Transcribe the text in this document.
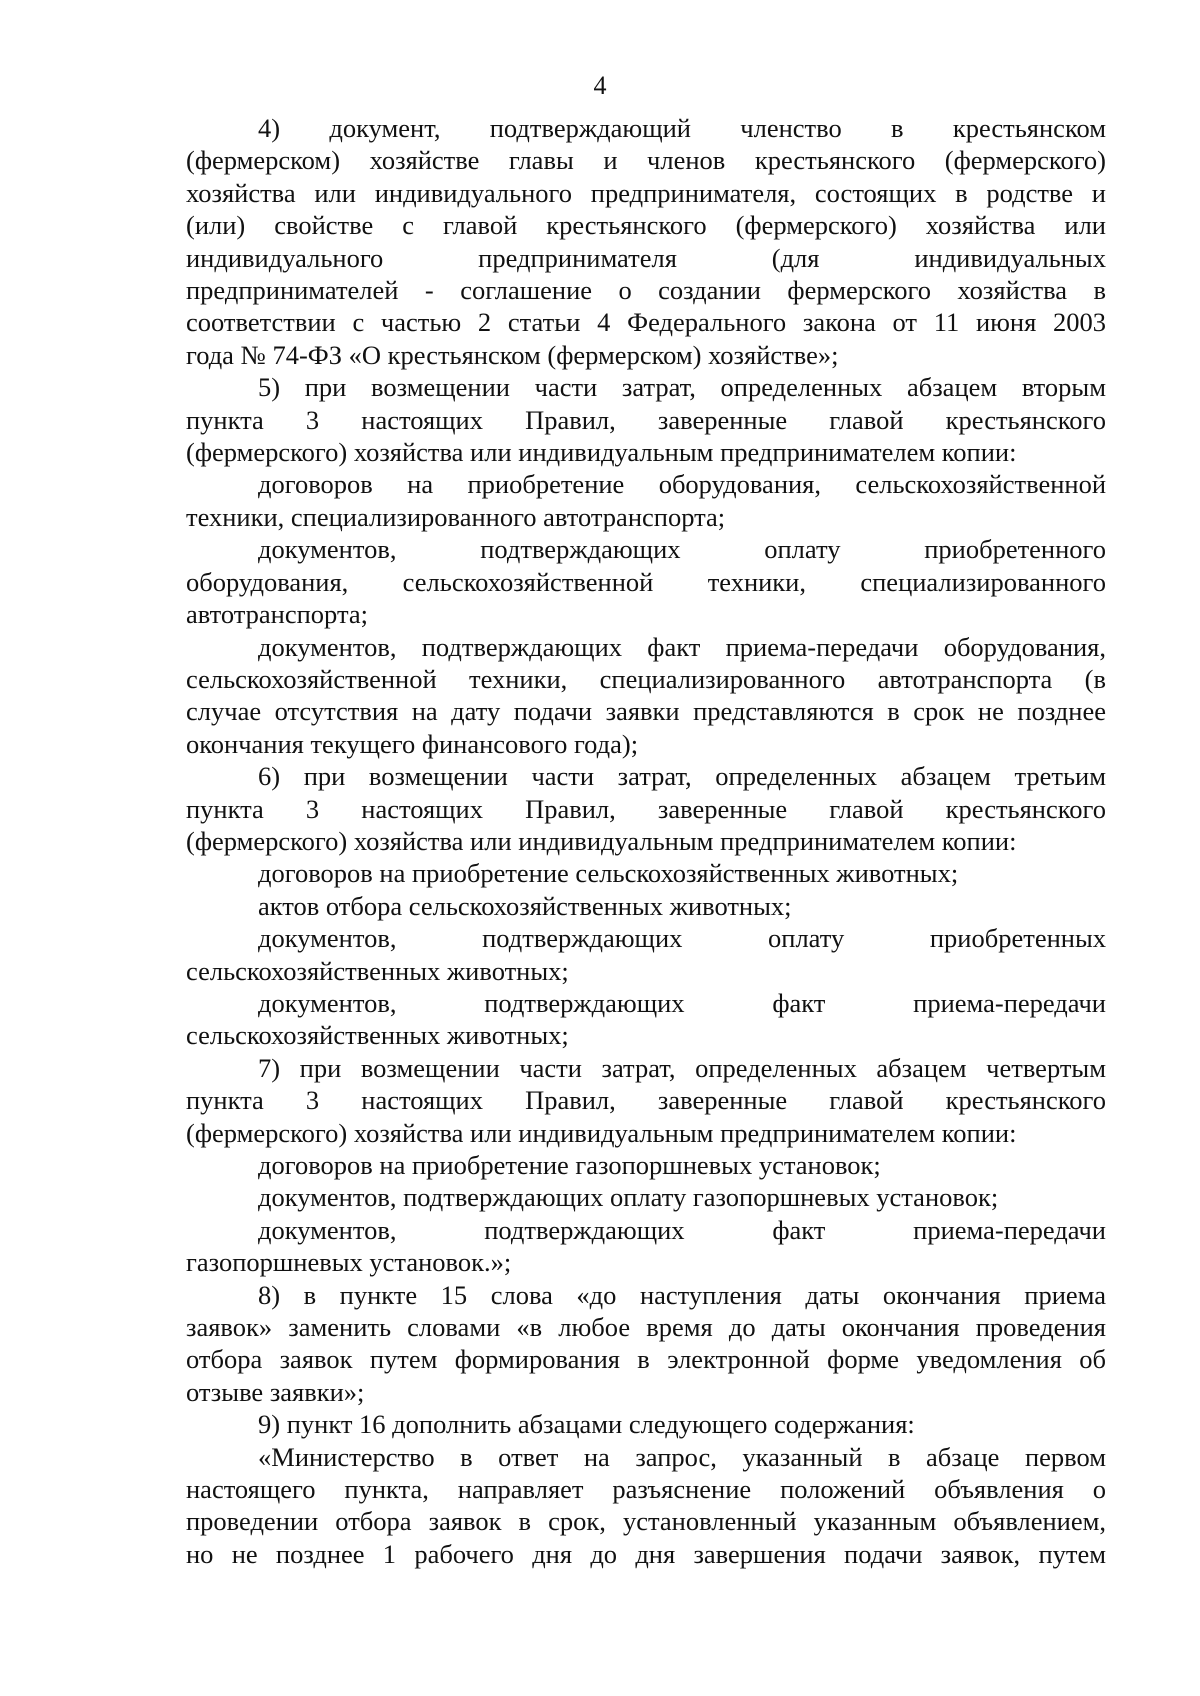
4
4) документ, подтверждающий членство в крестьянском
(фермерском) хозяйстве главы и членов крестьянского (фермерского)
хозяйства или индивидуального предпринимателя, состоящих в родстве и
(или) свойстве с главой крестьянского (фермерского) хозяйства или
индивидуального предпринимателя (для индивидуальных
предпринимателей - соглашение о создании фермерского хозяйства в
соответствии с частью 2 статьи 4 Федерального закона от 11 июня 2003
года № 74-ФЗ «О крестьянском (фермерском) хозяйстве»;
5) при возмещении части затрат, определенных абзацем вторым
пункта 3 настоящих Правил, заверенные главой крестьянского
(фермерского) хозяйства или индивидуальным предпринимателем копии:
договоров на приобретение оборудования, сельскохозяйственной
техники, специализированного автотранспорта;
документов, подтверждающих оплату приобретенного
оборудования, сельскохозяйственной техники, специализированного
автотранспорта;
документов, подтверждающих факт приема-передачи оборудования,
сельскохозяйственной техники, специализированного автотранспорта (в
случае отсутствия на дату подачи заявки представляются в срок не позднее
окончания текущего финансового года);
6) при возмещении части затрат, определенных абзацем третьим
пункта 3 настоящих Правил, заверенные главой крестьянского
(фермерского) хозяйства или индивидуальным предпринимателем копии:
договоров на приобретение сельскохозяйственных животных;
актов отбора сельскохозяйственных животных;
документов, подтверждающих оплату приобретенных
сельскохозяйственных животных;
документов, подтверждающих факт приема-передачи
сельскохозяйственных животных;
7) при возмещении части затрат, определенных абзацем четвертым
пункта 3 настоящих Правил, заверенные главой крестьянского
(фермерского) хозяйства или индивидуальным предпринимателем копии:
договоров на приобретение газопоршневых установок;
документов, подтверждающих оплату газопоршневых установок;
документов, подтверждающих факт приема-передачи
газопоршневых установок.»;
8) в пункте 15 слова «до наступления даты окончания приема
заявок» заменить словами «в любое время до даты окончания проведения
отбора заявок путем формирования в электронной форме уведомления об
отзыве заявки»;
9) пункт 16 дополнить абзацами следующего содержания:
«Министерство в ответ на запрос, указанный в абзаце первом
настоящего пункта, направляет разъяснение положений объявления о
проведении отбора заявок в срок, установленный указанным объявлением,
но не позднее 1 рабочего дня до дня завершения подачи заявок, путем
